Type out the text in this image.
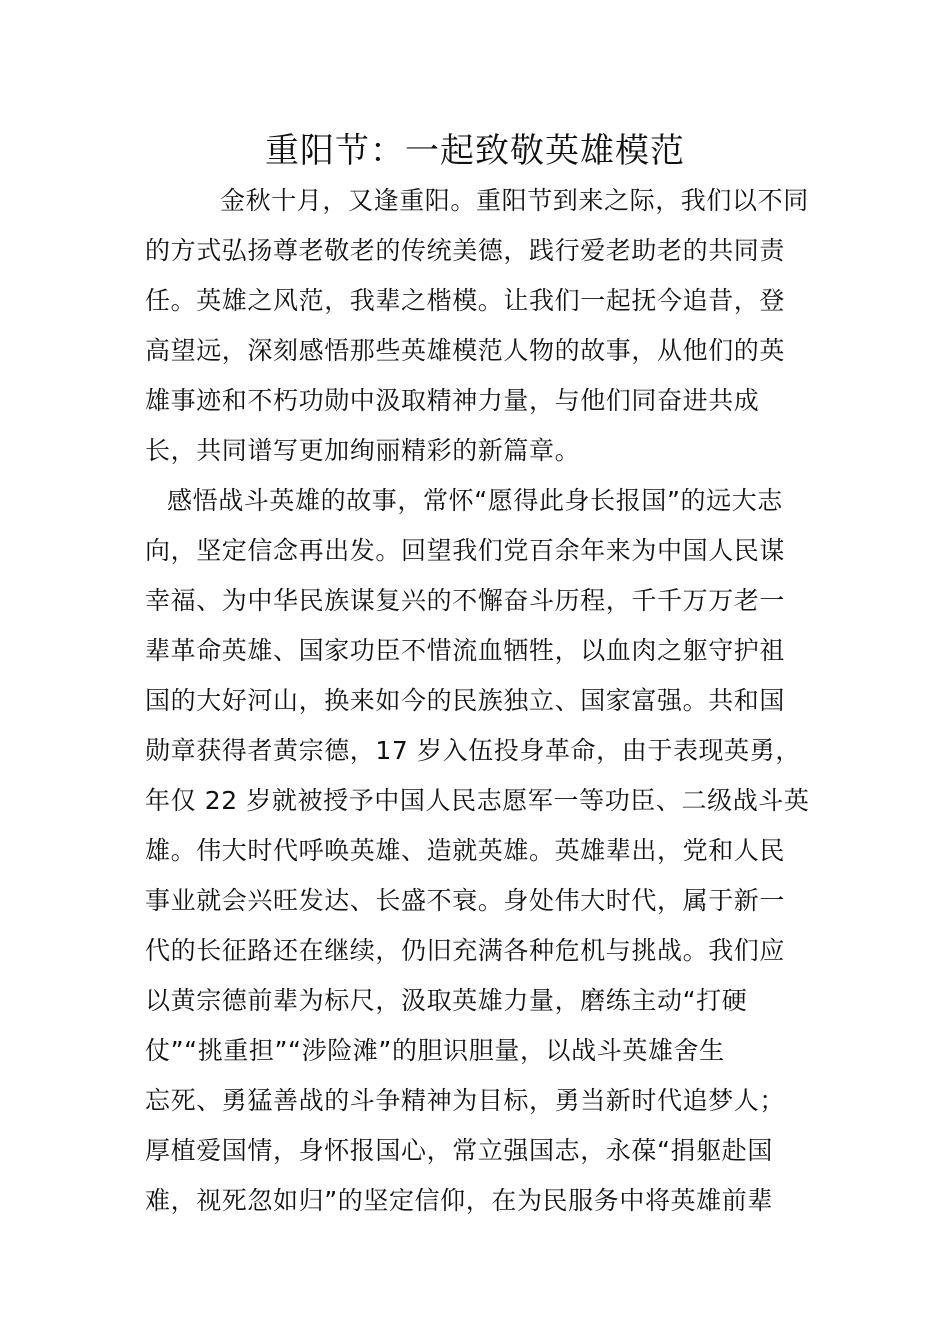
重阳节：一起致敬英雄模范

金秋十月，又逢重阳。重阳节到来之际，我们以不同

的方式弘扬尊老敬老的传统美德，践行爱老助老的共同责

任。英雄之风范，我辈之楷模。让我们一起抚今追昔，登

高望远，深刻感悟那些英雄模范人物的故事，从他们的英

雄事迹和不朽功勋中汲取精神力量，与他们同奋进共成

长，共同谱写更加绚丽精彩的新篇章。

感悟战斗英雄的故事，常怀“愿得此身长报国”的远大志

向，坚定信念再出发。回望我们党百余年来为中国人民谋

幸福、为中华民族谋复兴的不懈奋斗历程，千千万万老一

辈革命英雄、国家功臣不惜流血牺牲，以血肉之躯守护祖

国的大好河山，换来如今的民族独立、国家富强。共和国

勋章获得者黄宗德，17 岁入伍投身革命，由于表现英勇，

年仅 22 岁就被授予中国人民志愿军一等功臣、二级战斗英

雄。伟大时代呼唤英雄、造就英雄。英雄辈出，党和人民

事业就会兴旺发达、长盛不衰。身处伟大时代，属于新一

代的长征路还在继续，仍旧充满各种危机与挑战。我们应

以黄宗德前辈为标尺，汲取英雄力量，磨练主动“打硬

仗”“挑重担”“涉险滩”的胆识胆量，以战斗英雄舍生

忘死、勇猛善战的斗争精神为目标，勇当新时代追梦人；

厚植爱国情，身怀报国心，常立强国志，永葆“捐躯赴国

难，视死忽如归”的坚定信仰，在为民服务中将英雄前辈
